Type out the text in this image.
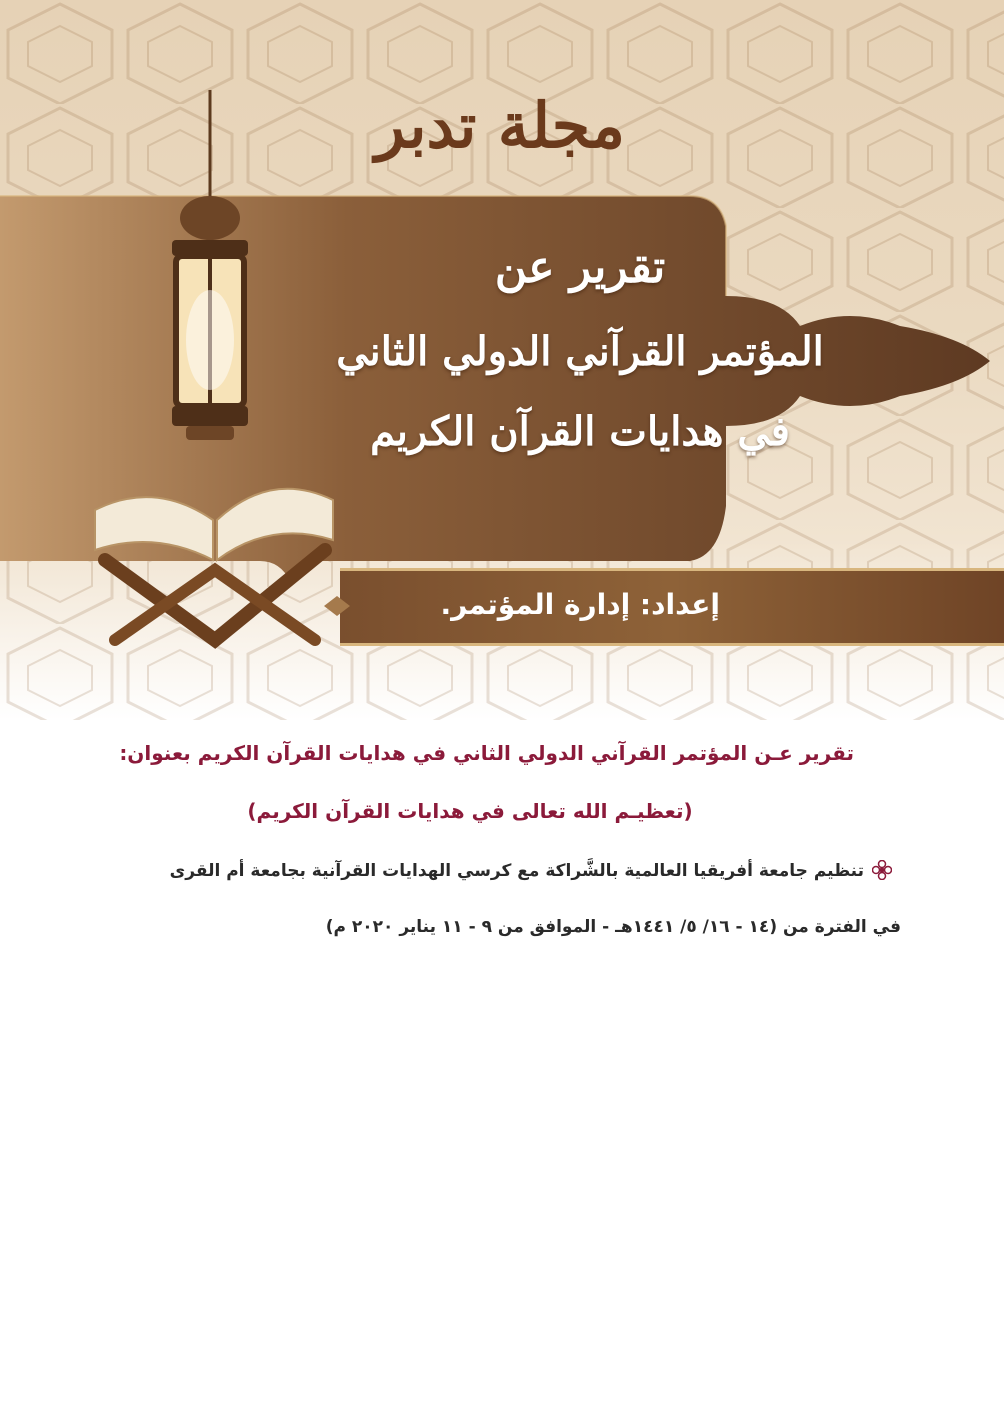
مجلة تدبر
تقرير عن
المؤتمر القرآني الدولي الثاني
في هدايات القرآن الكريم
إعداد: إدارة المؤتمر.
تقرير عـن المؤتمر القرآني الدولي الثاني في هدايات القرآن الكريم بعنوان:
(تعظيـم الله تعالى في هدايات القرآن الكريم)
تنظيم جامعة أفريقيا العالمية بالشَّراكة مع كرسي الهدايات القرآنية بجامعة أم القرى
في الفترة من (١٤ - ١٦/ ٥/ ١٤٤١هـ - الموافق من ٩ - ١١ يناير ٢٠٢٠ م)
